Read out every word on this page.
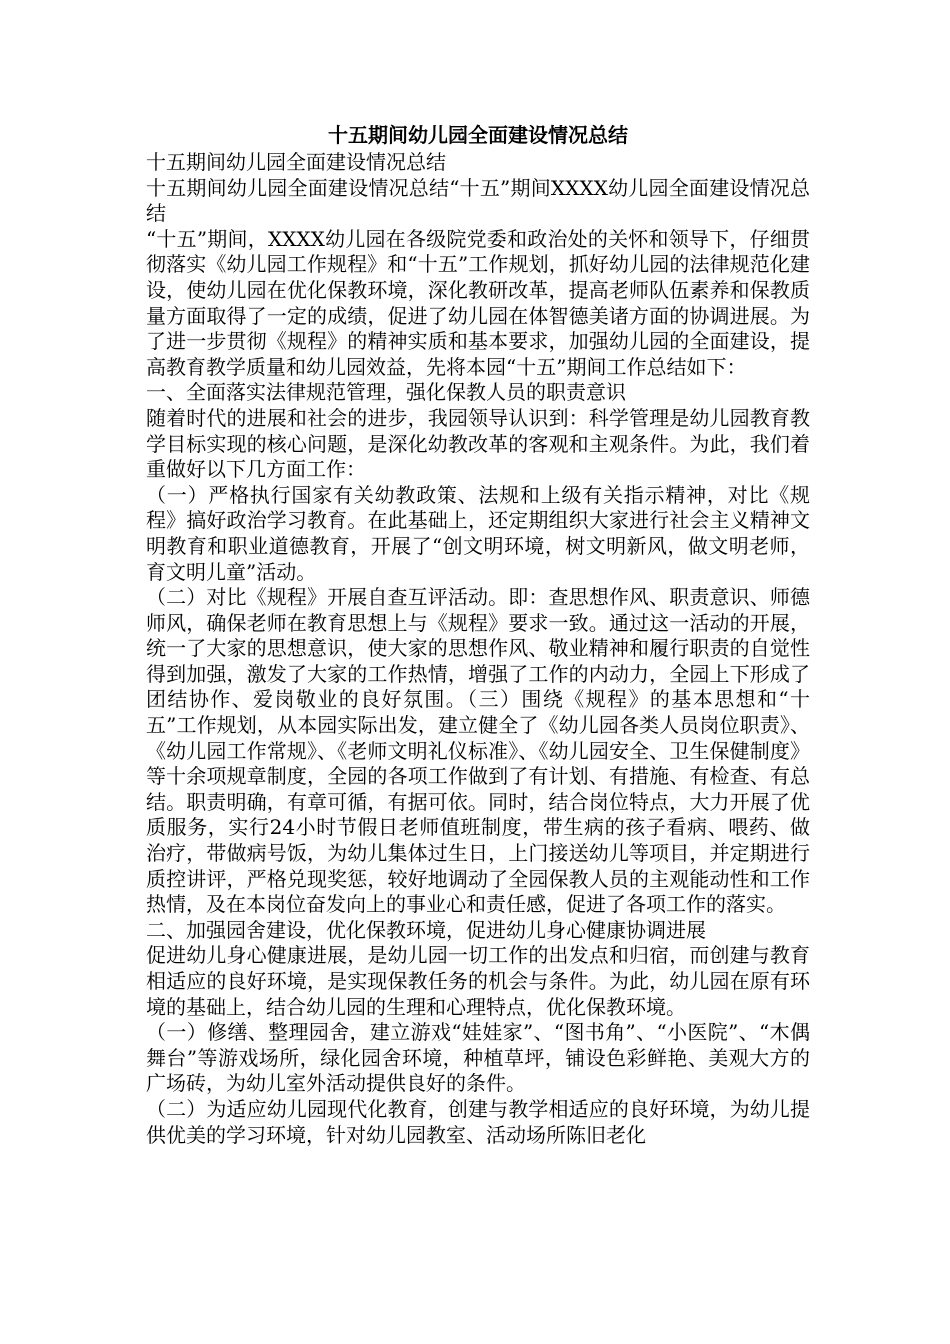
十五期间幼儿园全面建设情况总结

十五期间幼儿园全面建设情况总结

十五期间幼儿园全面建设情况总结“十五”期间XXXX幼儿园全面建设情况总结

“十五”期间，XXXX幼儿园在各级院党委和政治处的关怀和领导下，仔细贯彻落实《幼儿园工作规程》和“十五”工作规划，抓好幼儿园的法律规范化建设，使幼儿园在优化保教环境，深化教研改革，提高老师队伍素养和保教质量方面取得了一定的成绩，促进了幼儿园在体智德美诸方面的协调进展。为了进一步贯彻《规程》的精神实质和基本要求，加强幼儿园的全面建设，提高教育教学质量和幼儿园效益，先将本园“十五”期间工作总结如下：

一、全面落实法律规范管理，强化保教人员的职责意识

随着时代的进展和社会的进步，我园领导认识到：科学管理是幼儿园教育教学目标实现的核心问题，是深化幼教改革的客观和主观条件。为此，我们着重做好以下几方面工作：

（一）严格执行国家有关幼教政策、法规和上级有关指示精神，对比《规程》搞好政治学习教育。在此基础上，还定期组织大家进行社会主义精神文明教育和职业道德教育，开展了“创文明环境，树文明新风，做文明老师，育文明儿童”活动。

（二）对比《规程》开展自查互评活动。即：查思想作风、职责意识、师德师风，确保老师在教育思想上与《规程》要求一致。通过这一活动的开展，统一了大家的思想意识，使大家的思想作风、敬业精神和履行职责的自觉性得到加强，激发了大家的工作热情，增强了工作的内动力，全园上下形成了团结协作、爱岗敬业的良好氛围。（三）围绕《规程》的基本思想和“十五”工作规划，从本园实际出发，建立健全了《幼儿园各类人员岗位职责》、《幼儿园工作常规》、《老师文明礼仪标准》、《幼儿园安全、卫生保健制度》等十余项规章制度，全园的各项工作做到了有计划、有措施、有检查、有总结。职责明确，有章可循，有据可依。同时，结合岗位特点，大力开展了优质服务，实行24小时节假日老师值班制度，带生病的孩子看病、喂药、做治疗，带做病号饭，为幼儿集体过生日，上门接送幼儿等项目，并定期进行质控讲评，严格兑现奖惩，较好地调动了全园保教人员的主观能动性和工作热情，及在本岗位奋发向上的事业心和责任感，促进了各项工作的落实。

二、加强园舍建设，优化保教环境，促进幼儿身心健康协调进展

促进幼儿身心健康进展，是幼儿园一切工作的出发点和归宿，而创建与教育相适应的良好环境，是实现保教任务的机会与条件。为此，幼儿园在原有环境的基础上，结合幼儿园的生理和心理特点，优化保教环境。

（一）修缮、整理园舍，建立游戏“娃娃家”、“图书角”、“小医院”、“木偶舞台”等游戏场所，绿化园舍环境，种植草坪，铺设色彩鲜艳、美观大方的广场砖，为幼儿室外活动提供良好的条件。

（二）为适应幼儿园现代化教育，创建与教学相适应的良好环境，为幼儿提供优美的学习环境，针对幼儿园教室、活动场所陈旧老化
